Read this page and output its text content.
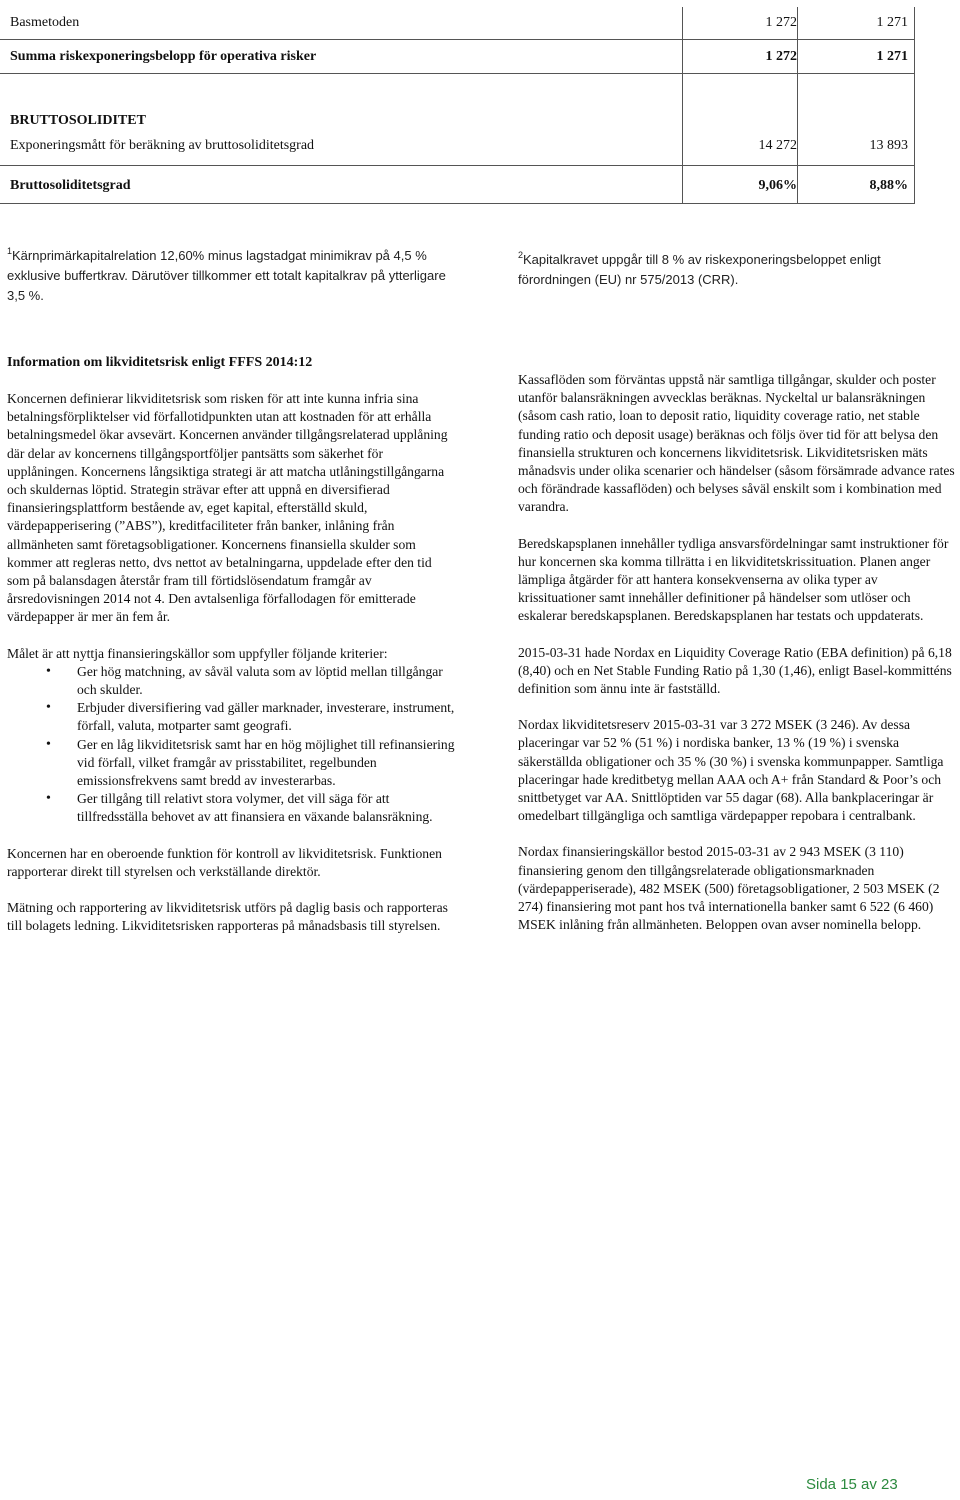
Basmetoden	1 272	1 271
Summa riskexponeringsbelopp för operativa risker	1 272	1 271
BRUTTOSOLIDITET
Exponeringsmått för beräkning av bruttosoliditetsgrad	14 272	13 893
Bruttosoliditetsgrad	9,06%	8,88%
$^1$Kärnprimärkapitalrelation 12,60% minus lagstadgat minimikrav på 4,5 % exklusive buffertkrav. Därutöver tillkommer ett totalt kapitalkrav på ytterligare 3,5 %.
$^2$Kapitalkravet uppgår till 8 % av riskexponeringsbeloppet enligt förordningen (EU) nr 575/2013 (CRR).
Information om likviditetsrisk enligt FFFS 2014:12

Koncernen definierar likviditetsrisk som risken för att inte kunna infria sina betalningsförpliktelser vid förfallotidpunkten utan att kostnaden för att erhålla betalningsmedel ökar avsevärt. Koncernen använder tillgångsrelaterad upplåning där delar av koncernens tillgångsportföljer pantsätts som säkerhet för upplåningen. Koncernens långsiktiga strategi är att matcha utlåningstillgångarna och skuldernas löptid. Strategin strävar efter att uppnå en diversifierad finansieringsplattform bestående av, eget kapital, efterställd skuld, värdepapperisering (”ABS”), kreditfaciliteter från banker, inlåning från allmänheten samt företagsobligationer. Koncernens finansiella skulder som kommer att regleras netto, dvs nettot av betalningarna, uppdelade efter den tid som på balansdagen återstår fram till förtidslösendatum framgår av årsredovisningen 2014 not 4. Den avtalsenliga förfallodagen för emitterade värdepapper är mer än fem år.

Målet är att nyttja finansieringskällor som uppfyller följande kriterier:

• Ger hög matchning, av såväl valuta som av löptid mellan tillgångar och skulder.
• Erbjuder diversifiering vad gäller marknader, investerare, instrument, förfall, valuta, motparter samt geografi.
• Ger en låg likviditetsrisk samt har en hög möjlighet till refinansiering vid förfall, vilket framgår av prisstabilitet, regelbunden emissionsfrekvens samt bredd av investerarbas.
• Ger tillgång till relativt stora volymer, det vill säga för att tillfredsställa behovet av att finansiera en växande balansräkning.

Koncernen har en oberoende funktion för kontroll av likviditetsrisk. Funktionen rapporterar direkt till styrelsen och verkställande direktör.

Mätning och rapportering av likviditetsrisk utförs på daglig basis och rapporteras till bolagets ledning. Likviditetsrisken rapporteras på månadsbasis till styrelsen.

Kassaflöden som förväntas uppstå när samtliga tillgångar, skulder och poster utanför balansräkningen avvecklas beräknas. Nyckeltal ur balansräkningen (såsom cash ratio, loan to deposit ratio, liquidity coverage ratio, net stable funding ratio och deposit usage) beräknas och följs över tid för att belysa den finansiella strukturen och koncernens likviditetsrisk. Likviditetsrisken mäts månadsvis under olika scenarier och händelser (såsom försämrade advance rates och förändrade kassaflöden) och belyses såväl enskilt som i kombination med varandra.

Beredskapsplanen innehåller tydliga ansvarsfördelningar samt instruktioner för hur koncernen ska komma tillrätta i en likviditetskrissituation. Planen anger lämpliga åtgärder för att hantera konsekvenserna av olika typer av krissituationer samt innehåller definitioner på händelser som utlöser och eskalerar beredskapsplanen. Beredskapsplanen har testats och uppdaterats.

2015-03-31 hade Nordax en Liquidity Coverage Ratio (EBA definition) på 6,18 (8,40) och en Net Stable Funding Ratio på 1,30 (1,46), enligt Basel-kommitténs definition som ännu inte är fastställd.

Nordax likviditetsreserv 2015-03-31 var 3 272 MSEK (3 246). Av dessa placeringar var 52 % (51 %) i nordiska banker, 13 % (19 %) i svenska säkerställda obligationer och 35 % (30 %) i svenska kommunpapper. Samtliga placeringar hade kreditbetyg mellan AAA och A+ från Standard & Poor’s och snittbetyget var AA. Snittlöptiden var 55 dagar (68). Alla bankplaceringar är omedelbart tillgängliga och samtliga värdepapper repobara i centralbank.

Nordax finansieringskällor bestod 2015-03-31 av 2 943 MSEK (3 110) finansiering genom den tillgångsrelaterade obligationsmarknaden (värdepapperiserade), 482 MSEK (500) företagsobligationer, 2 503 MSEK (2 274) finansiering mot pant hos två internationella banker samt 6 522 (6 460) MSEK inlåning från allmänheten. Beloppen ovan avser nominella belopp.

Sida 15 av 23
